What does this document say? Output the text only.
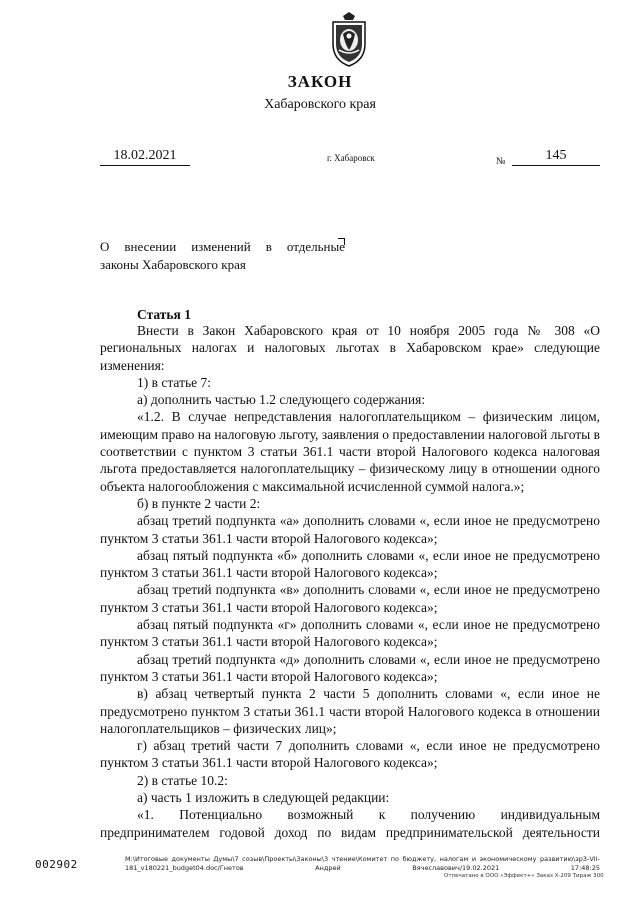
ЗАКОН
Хабаровского края
18.02.2021	г. Хабаровск	№	145
О внесении изменений в отдельные
законы Хабаровского края
Статья 1

Внести в Закон Хабаровского края от 10 ноября 2005 года № 308 «О региональных налогах и налоговых льготах в Хабаровском крае» следующие изменения:

1) в статье 7:

а) дополнить частью 1.2 следующего содержания:

«1.2. В случае непредставления налогоплательщиком – физическим лицом, имеющим право на налоговую льготу, заявления о предоставлении налоговой льготы в соответствии с пунктом 3 статьи 361.1 части второй Налогового кодекса налоговая льгота предоставляется налогоплательщику – физическому лицу в отношении одного объекта налогообложения с максимальной исчисленной суммой налога.»;

б) в пункте 2 части 2:

абзац третий подпункта «а» дополнить словами «, если иное не предусмотрено пунктом 3 статьи 361.1 части второй Налогового кодекса»;

абзац пятый подпункта «б» дополнить словами «, если иное не предусмотрено пунктом 3 статьи 361.1 части второй Налогового кодекса»;

абзац третий подпункта «в» дополнить словами «, если иное не предусмотрено пунктом 3 статьи 361.1 части второй Налогового кодекса»;

абзац пятый подпункта «г» дополнить словами «, если иное не предусмотрено пунктом 3 статьи 361.1 части второй Налогового кодекса»;

абзац третий подпункта «д» дополнить словами «, если иное не предусмотрено пунктом 3 статьи 361.1 части второй Налогового кодекса»;

в) абзац четвертый пункта 2 части 5 дополнить словами «, если иное не предусмотрено пунктом 3 статьи 361.1 части второй Налогового кодекса в отношении налогоплательщиков – физических лиц»;

г) абзац третий части 7 дополнить словами «, если иное не предусмотрено пунктом 3 статьи 361.1 части второй Налогового кодекса»;

2) в статье 10.2:

а) часть 1 изложить в следующей редакции:

«1. Потенциально возможный к получению индивидуальным предпринимателем годовой доход по видам предпринимательской деятельности

002902	М:\Итоговые документы Думы\7 созыв\Проекты\Законы\3 чтение\Комитет по бюджету, налогам и экономическому развитию\зр3-VII-181_v180221_budget04.doc/Гнетов Андрей Вячеславович/19.02.2021 17:48:25
Отпечатано в ООО «Эффект+» Заказ Х-209 Тираж 300
